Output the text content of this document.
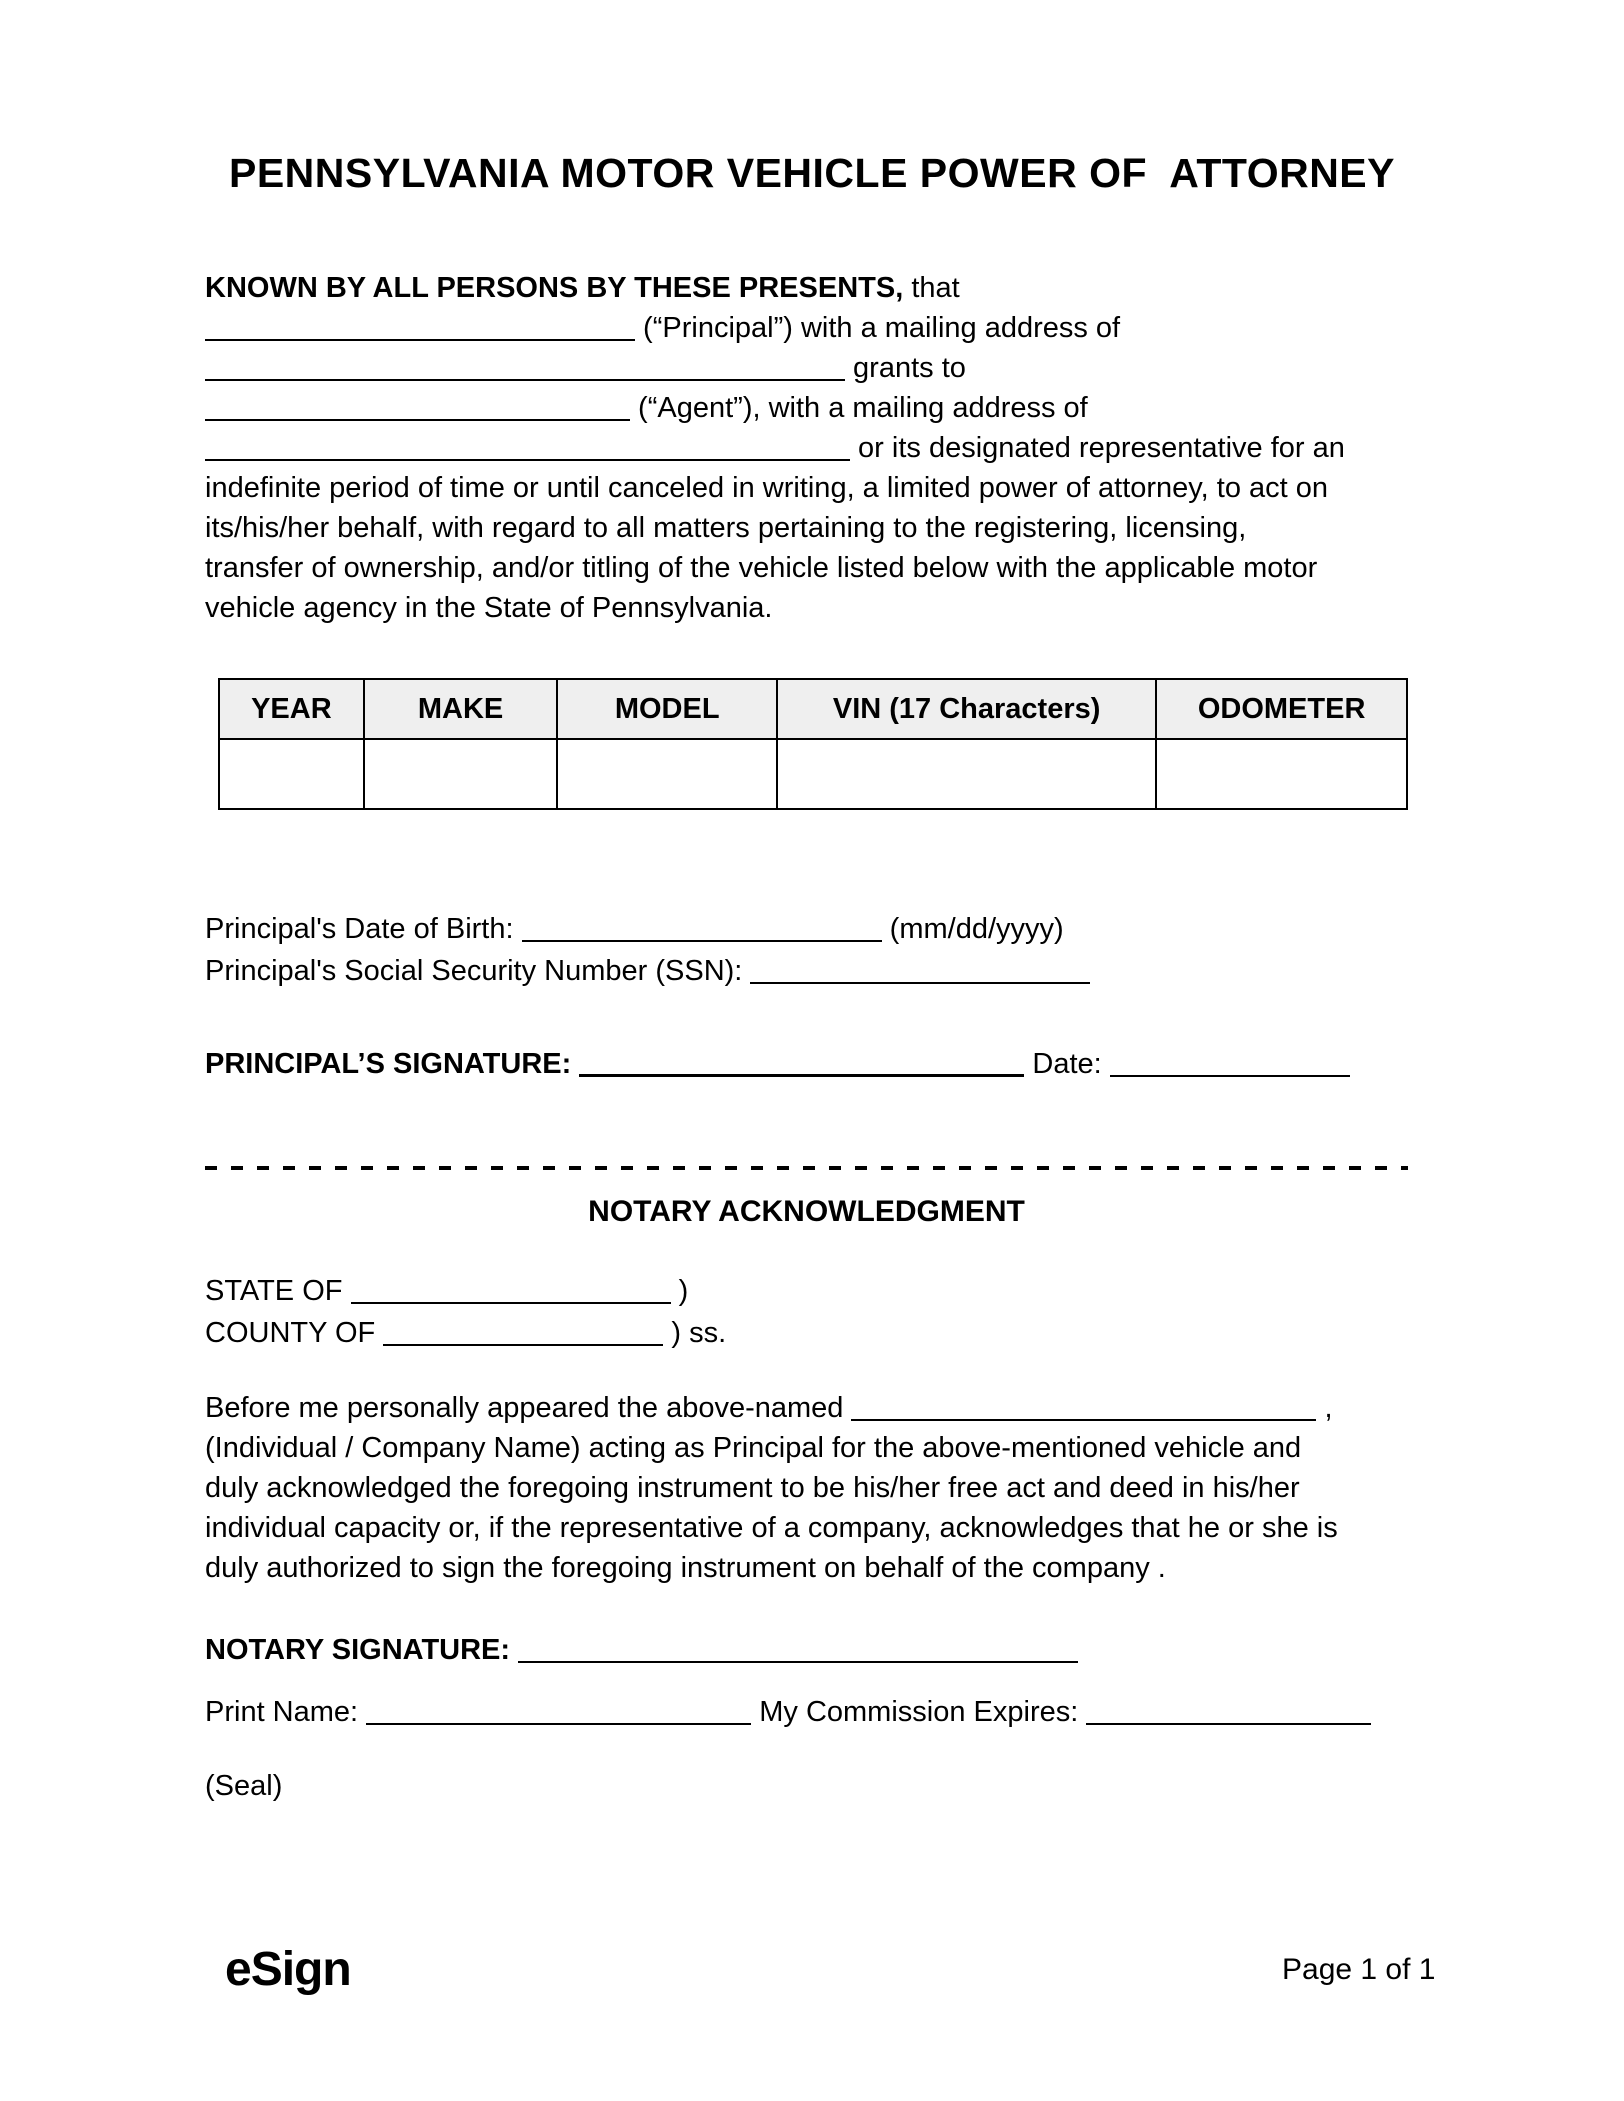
PENNSYLVANIA MOTOR VEHICLE POWER OF  ATTORNEY
KNOWN BY ALL PERSONS BY THESE PRESENTS, that
(“Principal”) with a mailing address of
grants to
(“Agent”), with a mailing address of
or its designated representative for an
indefinite period of time or until canceled in writing, a limited power of attorney, to act on
its/his/her behalf, with regard to all matters pertaining to the registering, licensing,
transfer of ownership, and/or titling of the vehicle listed below with the applicable motor
vehicle agency in the State of Pennsylvania.
YEAR	MAKE	MODEL	VIN (17 Characters)	ODOMETER

Principal's Date of Birth:	(mm/dd/yyyy)
Principal's Social Security Number (SSN):
PRINCIPAL’S SIGNATURE:	Date:
NOTARY ACKNOWLEDGMENT
STATE OF	)
COUNTY OF	) ss.
Before me personally appeared the above-named	,
(Individual / Company Name) acting as Principal for the above-mentioned vehicle and
duly acknowledged the foregoing instrument to be his/her free act and deed in his/her
individual capacity or, if the representative of a company, acknowledges that he or she is
duly authorized to sign the foregoing instrument on behalf of the company .
NOTARY SIGNATURE:
Print Name:	My Commission Expires:
(Seal)
eSign	Page 1 of 1
